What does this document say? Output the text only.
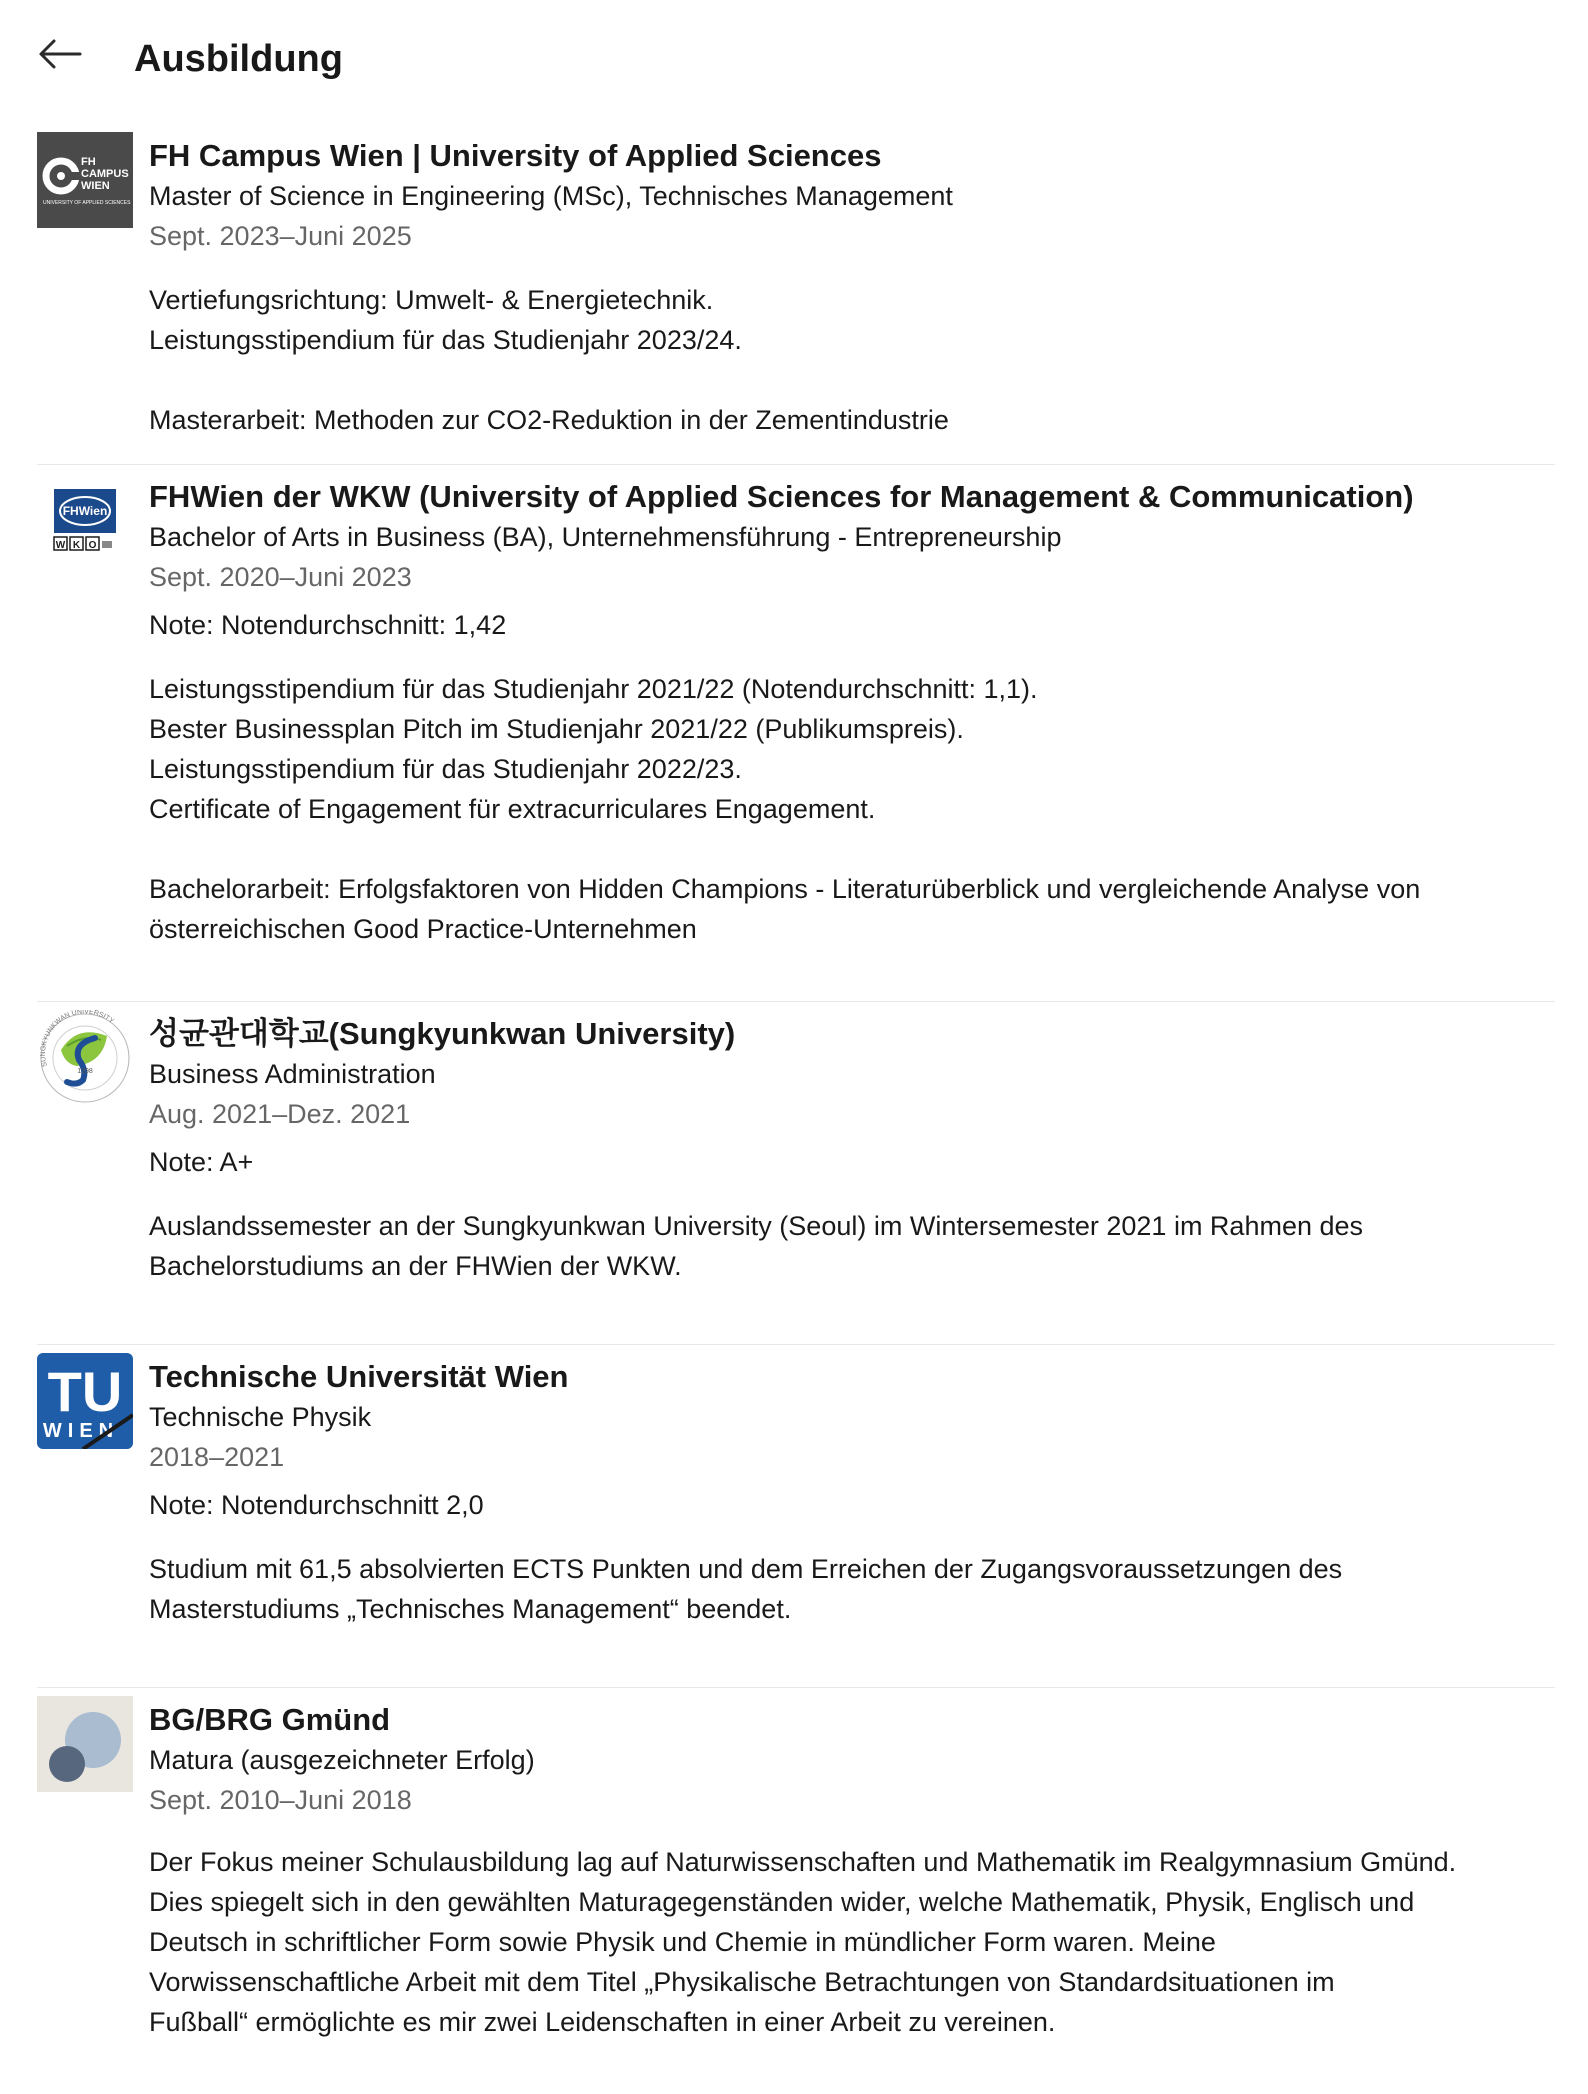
Ausbildung
FH
CAMPUS
WIEN
UNIVERSITY OF APPLIED SCIENCES
FH Campus Wien | University of Applied Sciences
Master of Science in Engineering (MSc), Technisches Management
Sept. 2023–Juni 2025
Vertiefungsrichtung: Umwelt- & Energietechnik.
Leistungsstipendium für das Studienjahr 2023/24.
Masterarbeit: Methoden zur CO2-Reduktion in der Zementindustrie
FHWien
W K O
FHWien der WKW (University of Applied Sciences for Management & Communication)
Bachelor of Arts in Business (BA), Unternehmensführung - Entrepreneurship
Sept. 2020–Juni 2023
Note: Notendurchschnitt: 1,42
Leistungsstipendium für das Studienjahr 2021/22 (Notendurchschnitt: 1,1).
Bester Businessplan Pitch im Studienjahr 2021/22 (Publikumspreis).
Leistungsstipendium für das Studienjahr 2022/23.
Certificate of Engagement für extracurriculares Engagement.
Bachelorarbeit: Erfolgsfaktoren von Hidden Champions - Literaturüberblick und vergleichende Analyse von
österreichischen Good Practice-Unternehmen
1398
SUNGKYUNKWAN UNIVERSITY 성균관대학교(Sungkyunkwan University)
Business Administration
Aug. 2021–Dez. 2021
Note: A+
Auslandssemester an der Sungkyunkwan University (Seoul) im Wintersemester 2021 im Rahmen des
Bachelorstudiums an der FHWien der WKW.
TU
WIEN
Technische Universität Wien
Technische Physik
2018–2021
Note: Notendurchschnitt 2,0
Studium mit 61,5 absolvierten ECTS Punkten und dem Erreichen der Zugangsvoraussetzungen des
Masterstudiums „Technisches Management“ beendet.
BG/BRG Gmünd
Matura (ausgezeichneter Erfolg)
Sept. 2010–Juni 2018
Der Fokus meiner Schulausbildung lag auf Naturwissenschaften und Mathematik im Realgymnasium Gmünd.
Dies spiegelt sich in den gewählten Maturagegenständen wider, welche Mathematik, Physik, Englisch und
Deutsch in schriftlicher Form sowie Physik und Chemie in mündlicher Form waren. Meine
Vorwissenschaftliche Arbeit mit dem Titel „Physikalische Betrachtungen von Standardsituationen im
Fußball“ ermöglichte es mir zwei Leidenschaften in einer Arbeit zu vereinen.
